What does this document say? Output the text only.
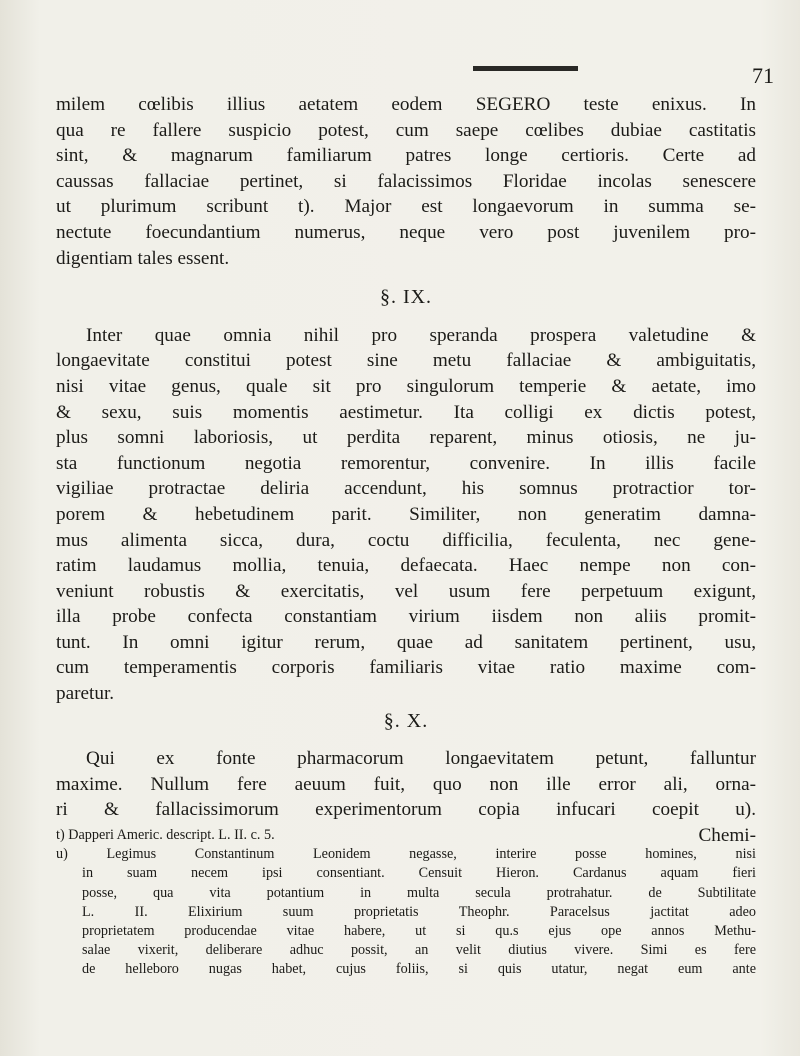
71

milem cœlibis illius aetatem eodem SEGERO teste enixus. In
qua re fallere suspicio potest, cum saepe cœlibes dubiae castitatis
sint, & magnarum familiarum patres longe certioris. Certe ad
caussas fallaciae pertinet, si falacissimos Floridae incolas senescere
ut plurimum scribunt t). Major est longaevorum in summa se-
nectute foecundantium numerus, neque vero post juvenilem pro-
digentiam tales essent.

§. IX.

Inter quae omnia nihil pro speranda prospera valetudine &
longaevitate constitui potest sine metu fallaciae & ambiguitatis,
nisi vitae genus, quale sit pro singulorum temperie & aetate, imo
& sexu, suis momentis aestimetur. Ita colligi ex dictis potest,
plus somni laboriosis, ut perdita reparent, minus otiosis, ne ju-
sta functionum negotia remorentur, convenire. In illis facile
vigiliae protractae deliria accendunt, his somnus protractior tor-
porem & hebetudinem parit. Similiter, non generatim damna-
mus alimenta sicca, dura, coctu difficilia, feculenta, nec gene-
ratim laudamus mollia, tenuia, defaecata. Haec nempe non con-
veniunt robustis & exercitatis, vel usum fere perpetuum exigunt,
illa probe confecta constantiam virium iisdem non aliis promit-
tunt. In omni igitur rerum, quae ad sanitatem pertinent, usu,
cum temperamentis corporis familiaris vitae ratio maxime com-
paretur.

§. X.

Qui ex fonte pharmacorum longaevitatem petunt, falluntur
maxime. Nullum fere aeuum fuit, quo non ille error ali, orna-
ri & fallacissimorum experimentorum copia infucari coepit u).
Chemi-

t) Dapperi Americ. descript. L. II. c. 5.
u) Legimus Constantinum Leonidem negasse, interire posse homines, nisi
in suam necem ipsi consentiant. Censuit Hieron. Cardanus aquam fieri
posse, qua vita potantium in multa secula protrahatur. de Subtilitate
L. II. Elixirium suum proprietatis Theophr. Paracelsus jactitat adeo
proprietatem producendae vitae habere, ut si qu.s ejus ope annos Methu-
salae vixerit, deliberare adhuc possit, an velit diutius vivere. Simi es fere
de helleboro nugas habet, cujus foliis, si quis utatur, negat eum ante
